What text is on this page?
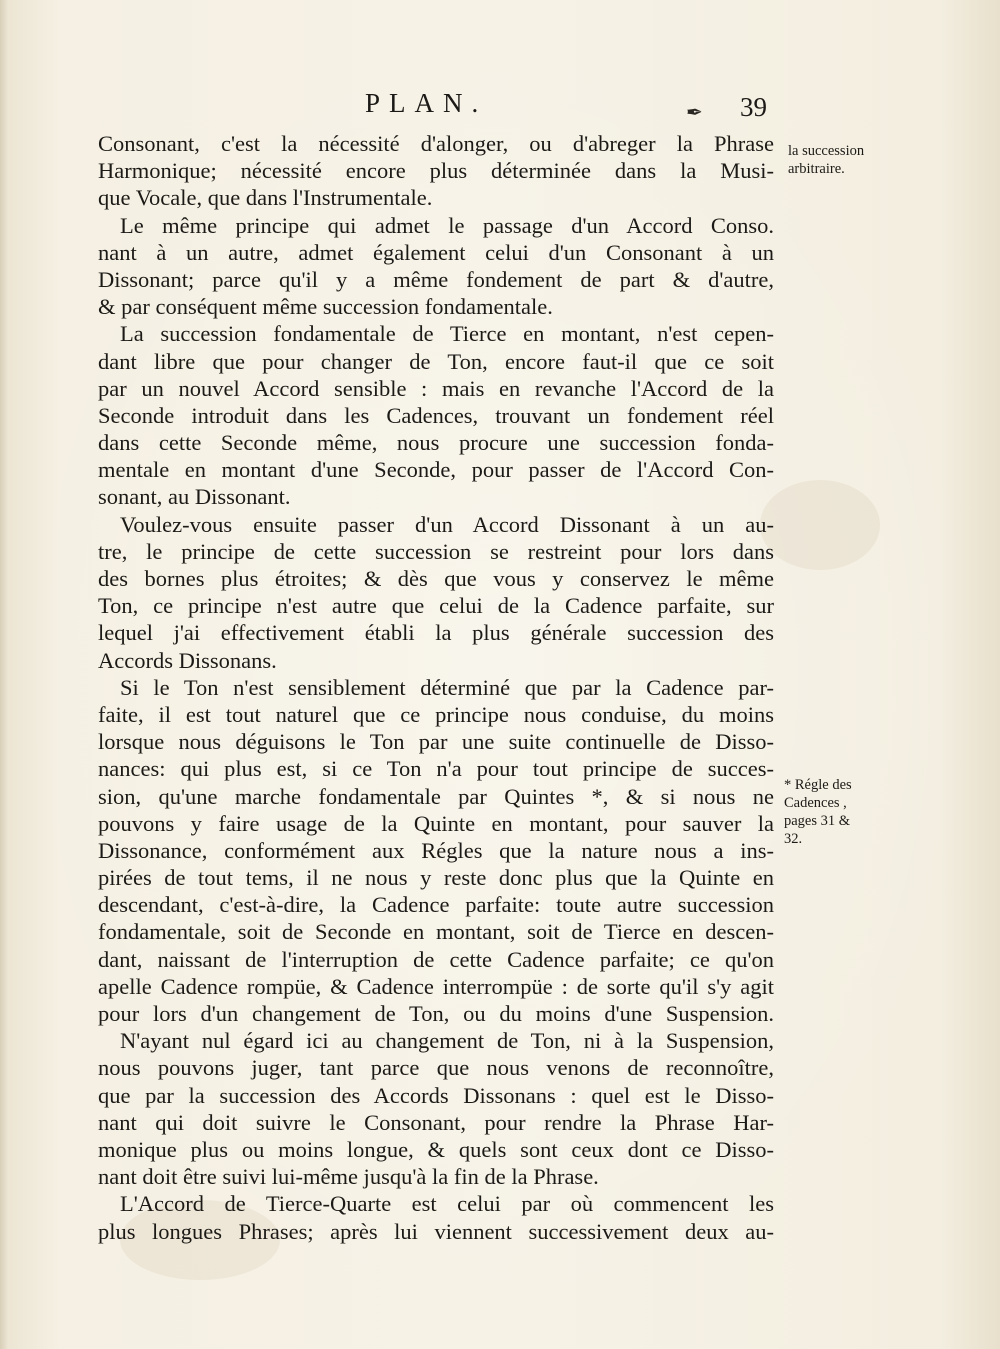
PLAN.	✒ 39
Consonant, c'est la nécessité d'alonger, ou d'abreger la Phrase
Harmonique; nécessité encore plus déterminée dans la Musi-
que Vocale, que dans l'Instrumentale.
Le même principe qui admet le passage d'un Accord Conso.
nant à un autre, admet également celui d'un Consonant à un
Dissonant; parce qu'il y a même fondement de part & d'autre,
& par conséquent même succession fondamentale.
La succession fondamentale de Tierce en montant, n'est cepen-
dant libre que pour changer de Ton, encore faut-il que ce soit
par un nouvel Accord sensible : mais en revanche l'Accord de la
Seconde introduit dans les Cadences, trouvant un fondement réel
dans cette Seconde même, nous procure une succession fonda-
mentale en montant d'une Seconde, pour passer de l'Accord Con-
sonant, au Dissonant.
Voulez-vous ensuite passer d'un Accord Dissonant à un au-
tre, le principe de cette succession se restreint pour lors dans
des bornes plus étroites; & dès que vous y conservez le même
Ton, ce principe n'est autre que celui de la Cadence parfaite, sur
lequel j'ai effectivement établi la plus générale succession des
Accords Dissonans.
Si le Ton n'est sensiblement déterminé que par la Cadence par-
faite, il est tout naturel que ce principe nous conduise, du moins
lorsque nous déguisons le Ton par une suite continuelle de Disso-
nances: qui plus est, si ce Ton n'a pour tout principe de succes-
sion, qu'une marche fondamentale par Quintes *, & si nous ne
pouvons y faire usage de la Quinte en montant, pour sauver la
Dissonance, conformément aux Régles que la nature nous a ins-
pirées de tout tems, il ne nous y reste donc plus que la Quinte en
descendant, c'est-à-dire, la Cadence parfaite: toute autre succession
fondamentale, soit de Seconde en montant, soit de Tierce en descen-
dant, naissant de l'interruption de cette Cadence parfaite; ce qu'on
apelle Cadence rompüe, & Cadence interrompüe : de sorte qu'il s'y agit
pour lors d'un changement de Ton, ou du moins d'une Suspension.
N'ayant nul égard ici au changement de Ton, ni à la Suspension,
nous pouvons juger, tant parce que nous venons de reconnoître,
que par la succession des Accords Dissonans : quel est le Disso-
nant qui doit suivre le Consonant, pour rendre la Phrase Har-
monique plus ou moins longue, & quels sont ceux dont ce Disso-
nant doit être suivi lui-même jusqu'à la fin de la Phrase.
L'Accord de Tierce-Quarte est celui par où commencent les
plus longues Phrases; après lui viennent successivement deux au-
la succession
arbitraire.
* Régle des
Cadences ,
pages 31 &
32.
